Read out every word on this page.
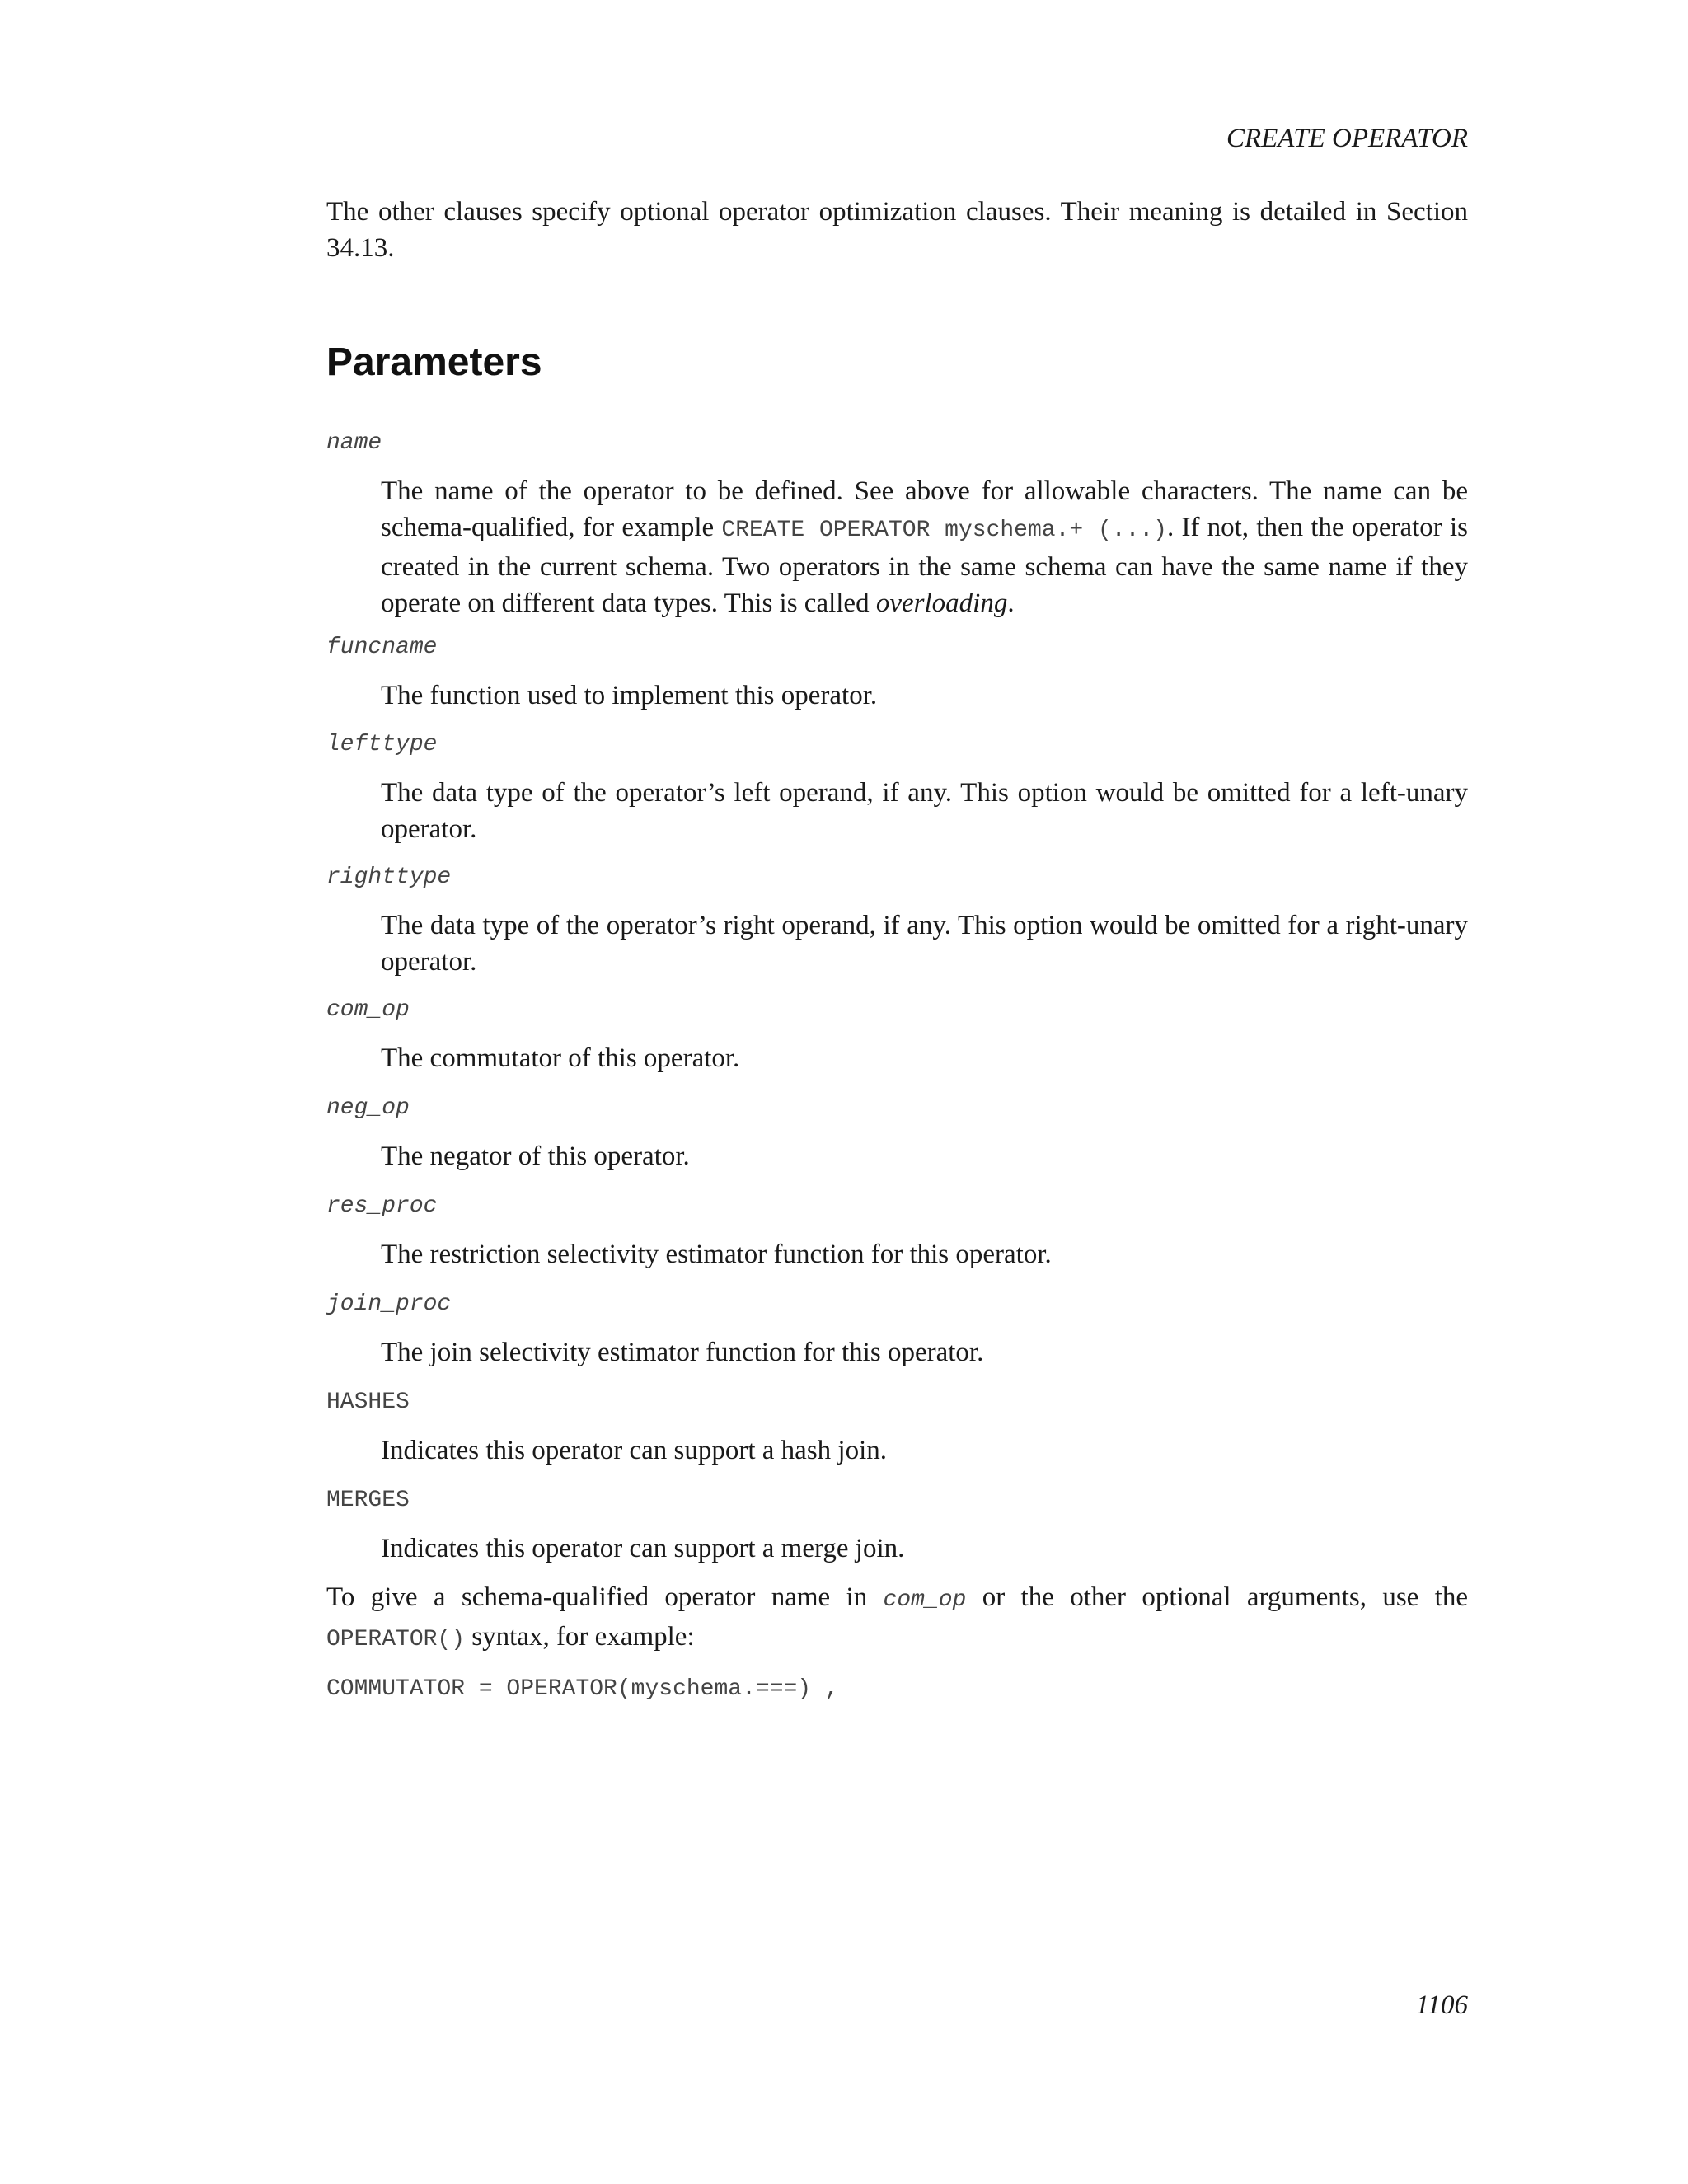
CREATE OPERATOR
The other clauses specify optional operator optimization clauses. Their meaning is detailed in Section 34.13.
Parameters
name
The name of the operator to be defined. See above for allowable characters. The name can be schema-qualified, for example CREATE OPERATOR myschema.+ (...). If not, then the operator is created in the current schema. Two operators in the same schema can have the same name if they operate on different data types. This is called overloading.
funcname
The function used to implement this operator.
lefttype
The data type of the operator’s left operand, if any. This option would be omitted for a left-unary operator.
righttype
The data type of the operator’s right operand, if any. This option would be omitted for a right-unary operator.
com_op
The commutator of this operator.
neg_op
The negator of this operator.
res_proc
The restriction selectivity estimator function for this operator.
join_proc
The join selectivity estimator function for this operator.
HASHES
Indicates this operator can support a hash join.
MERGES
Indicates this operator can support a merge join.
To give a schema-qualified operator name in com_op or the other optional arguments, use the OPERATOR() syntax, for example:
COMMUTATOR = OPERATOR(myschema.===) ,
1106
